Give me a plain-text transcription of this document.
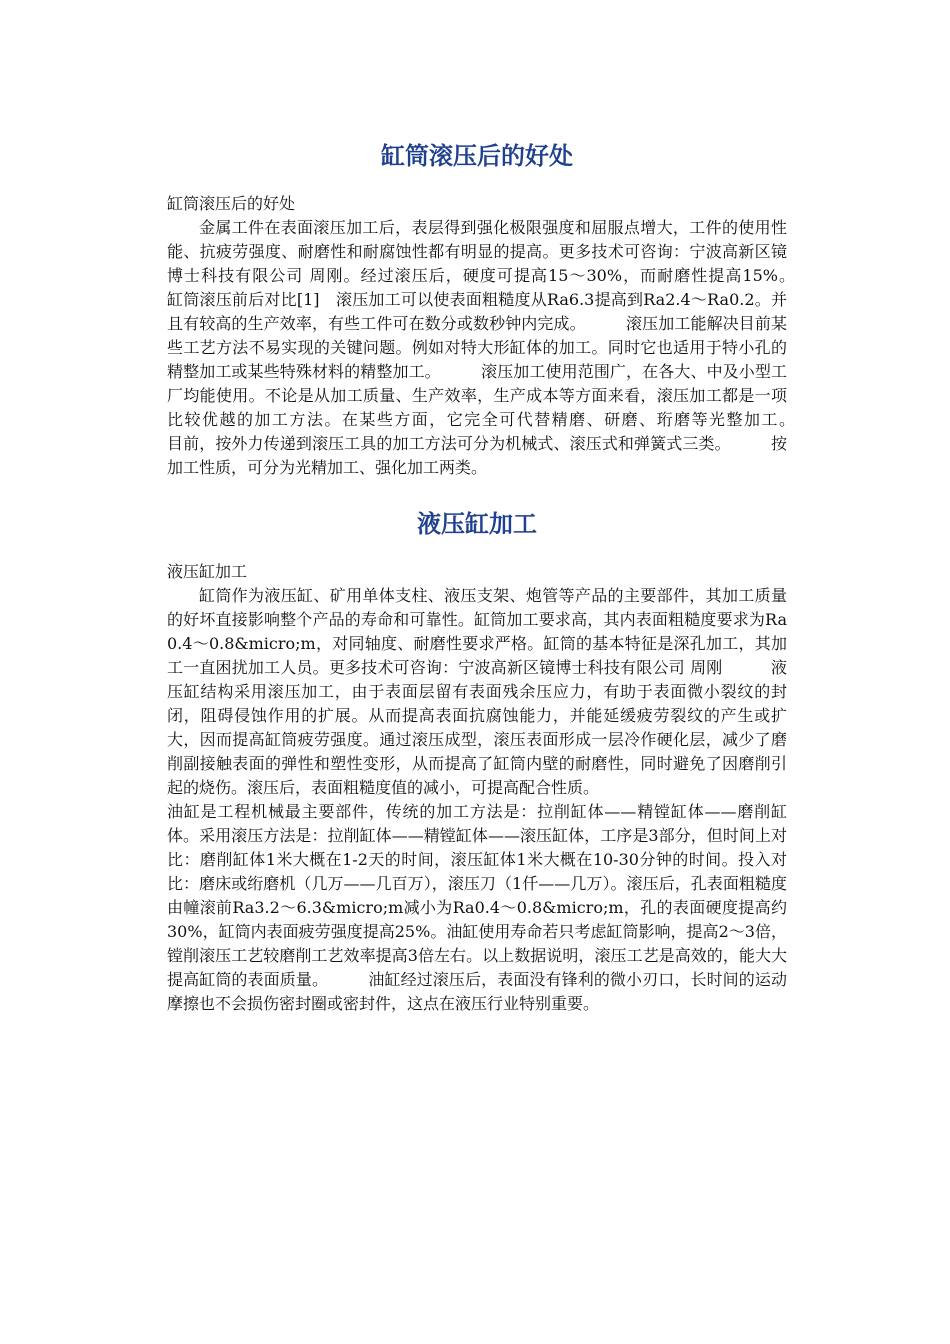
缸筒滚压后的好处

缸筒滚压后的好处

金属工件在表面滚压加工后，表层得到强化极限强度和屈服点增大，工件的使用性能、抗疲劳强度、耐磨性和耐腐蚀性都有明显的提高。更多技术可咨询：宁波高新区镜博士科技有限公司 周刚。经过滚压后，硬度可提高15～30%，而耐磨性提高15%。　　　缸筒滚压前后对比[1]　滚压加工可以使表面粗糙度从Ra6.3提高到Ra2.4～Ra0.2。并且有较高的生产效率，有些工件可在数分或数秒钟内完成。　　　滚压加工能解决目前某些工艺方法不易实现的关键问题。例如对特大形缸体的加工。同时它也适用于特小孔的精整加工或某些特殊材料的精整加工。　　　滚压加工使用范围广，在各大、中及小型工厂均能使用。不论是从加工质量、生产效率，生产成本等方面来看，滚压加工都是一项比较优越的加工方法。在某些方面，它完全可代替精磨、研磨、珩磨等光整加工。　　　目前，按外力传递到滚压工具的加工方法可分为机械式、滚压式和弹簧式三类。　　　按加工性质，可分为光精加工、强化加工两类。

液压缸加工

液压缸加工

缸筒作为液压缸、矿用单体支柱、液压支架、炮管等产品的主要部件，其加工质量的好坏直接影响整个产品的寿命和可靠性。缸筒加工要求高，其内表面粗糙度要求为Ra0.4～0.8&micro;m，对同轴度、耐磨性要求严格。缸筒的基本特征是深孔加工，其加工一直困扰加工人员。更多技术可咨询：宁波高新区镜博士科技有限公司 周刚　　　液压缸结构采用滚压加工，由于表面层留有表面残余压应力，有助于表面微小裂纹的封闭，阻碍侵蚀作用的扩展。从而提高表面抗腐蚀能力，并能延缓疲劳裂纹的产生或扩大，因而提高缸筒疲劳强度。通过滚压成型，滚压表面形成一层冷作硬化层，减少了磨削副接触表面的弹性和塑性变形，从而提高了缸筒内壁的耐磨性，同时避免了因磨削引起的烧伤。滚压后，表面粗糙度值的减小，可提高配合性质。

油缸是工程机械最主要部件，传统的加工方法是：拉削缸体——精镗缸体——磨削缸体。采用滚压方法是：拉削缸体——精镗缸体——滚压缸体，工序是3部分，但时间上对比：磨削缸体1米大概在1-2天的时间，滚压缸体1米大概在10-30分钟的时间。投入对比：磨床或绗磨机（几万——几百万），滚压刀（1仟——几万）。滚压后，孔表面粗糙度由幢滚前Ra3.2～6.3&micro;m减小为Ra0.4～0.8&micro;m，孔的表面硬度提高约30%，缸筒内表面疲劳强度提高25%。油缸使用寿命若只考虑缸筒影响，提高2～3倍，镗削滚压工艺较磨削工艺效率提高3倍左右。以上数据说明，滚压工艺是高效的，能大大提高缸筒的表面质量。　　　油缸经过滚压后，表面没有锋利的微小刃口，长时间的运动摩擦也不会损伤密封圈或密封件，这点在液压行业特别重要。
